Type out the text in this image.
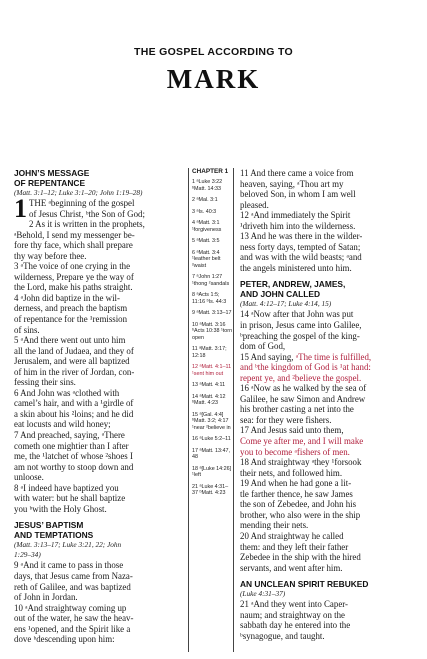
THE GOSPEL ACCORDING TO
MARK
JOHN’S MESSAGE
OF REPENTANCE
(Matt. 3:1–12; Luke 3:1–20; John 1:19–28)
1 THE ᵃbeginning of the gospel
of Jesus Christ, ᵇthe Son of God;
2 As it is written in the prophets,
ᵃBehold, I send my messenger be-
fore thy face, which shall prepare
thy way before thee.
3 ᵃThe voice of one crying in the
wilderness, Prepare ye the way of
the Lord, make his paths straight.
4 ᵃJohn did baptize in the wil-
derness, and preach the baptism
of repentance for the ¹remission
of sins.
5 ᵃAnd there went out unto him
all the land of Judaea, and they of
Jerusalem, and were all baptized
of him in the river of Jordan, con-
fessing their sins.
6 And John was ᵃclothed with
camel’s hair, and with a ¹girdle of
a skin about his ²loins; and he did
eat locusts and wild honey;
7 And preached, saying, ᵃThere
cometh one mightier than I after
me, the ¹latchet of whose ²shoes I
am not worthy to stoop down and
unloose.
8 ᵃI indeed have baptized you
with water: but he shall baptize
you ᵇwith the Holy Ghost.
JESUS’ BAPTISM
AND TEMPTATIONS
(Matt. 3:13–17; Luke 3:21, 22; John
1:29–34)
9 ᵃAnd it came to pass in those
days, that Jesus came from Naza-
reth of Galilee, and was baptized
of John in Jordan.
10 ᵃAnd straightway coming up
out of the water, he saw the heav-
ens ¹opened, and the Spirit like a
dove ᵇdescending upon him:
CHAPTER 1
1 ᵃLuke 3:22 ᵇMatt. 14:33
2 ᵃMal. 3:1
3 ᵃIs. 40:3
4 ᵃMatt. 3:1 ¹forgiveness
5 ᵃMatt. 3:5
6 ᵃMatt. 3:4 ¹leather belt ²waist
7 ᵃJohn 1:27 ¹thong ²sandals
8 ᵃActs 1:5; 11:16 ᵇIs. 44:3
9 ᵃMatt. 3:13–17
10 ᵃMatt. 3:16 ᵇActs 10:38 ¹torn open
11 ᵃMatt. 3:17; 12:18
12 ᵃMatt. 4:1–11 ¹sent him out
13 ᵃMatt. 4:11
14 ᵃMatt. 4:12 ᵇMatt. 4:23
15 ᵃ[Gal. 4:4] ᵇMatt. 3:2; 4:17 ¹near ²believe in
16 ᵃLuke 5:2–11
17 ᵃMatt. 13:47, 48
18 ᵃ[Luke 14:26] ¹left
21 ᵃLuke 4:31–37 ᵇMatt. 4:23
11 And there came a voice from
heaven, saying, ᵃThou art my
beloved Son, in whom I am well
pleased.
12 ᵃAnd immediately the Spirit
¹driveth him into the wilderness.
13 And he was there in the wilder-
ness forty days, tempted of Satan;
and was with the wild beasts; ᵃand
the angels ministered unto him.
PETER, ANDREW, JAMES,
AND JOHN CALLED
(Matt. 4:12–17; Luke 4:14, 15)
14 ᵃNow after that John was put
in prison, Jesus came into Galilee,
ᵇpreaching the gospel of the king-
dom of God,
15 And saying, ᵃThe time is fulfilled,
and ᵇthe kingdom of God is ¹at hand:
repent ye, and ²believe the gospel.
16 ᵃNow as he walked by the sea of
Galilee, he saw Simon and Andrew
his brother casting a net into the
sea: for they were fishers.
17 And Jesus said unto them,
Come ye after me, and I will make
you to become ᵃfishers of men.
18 And straightway ᵃthey ¹forsook
their nets, and followed him.
19 And when he had gone a lit-
tle farther thence, he saw James
the son of Zebedee, and John his
brother, who also were in the ship
mending their nets.
20 And straightway he called
them: and they left their father
Zebedee in the ship with the hired
servants, and went after him.
AN UNCLEAN SPIRIT REBUKED
(Luke 4:31–37)
21 ᵃAnd they went into Caper-
naum; and straightway on the
sabbath day he entered into the
ᵇsynagogue, and taught.
